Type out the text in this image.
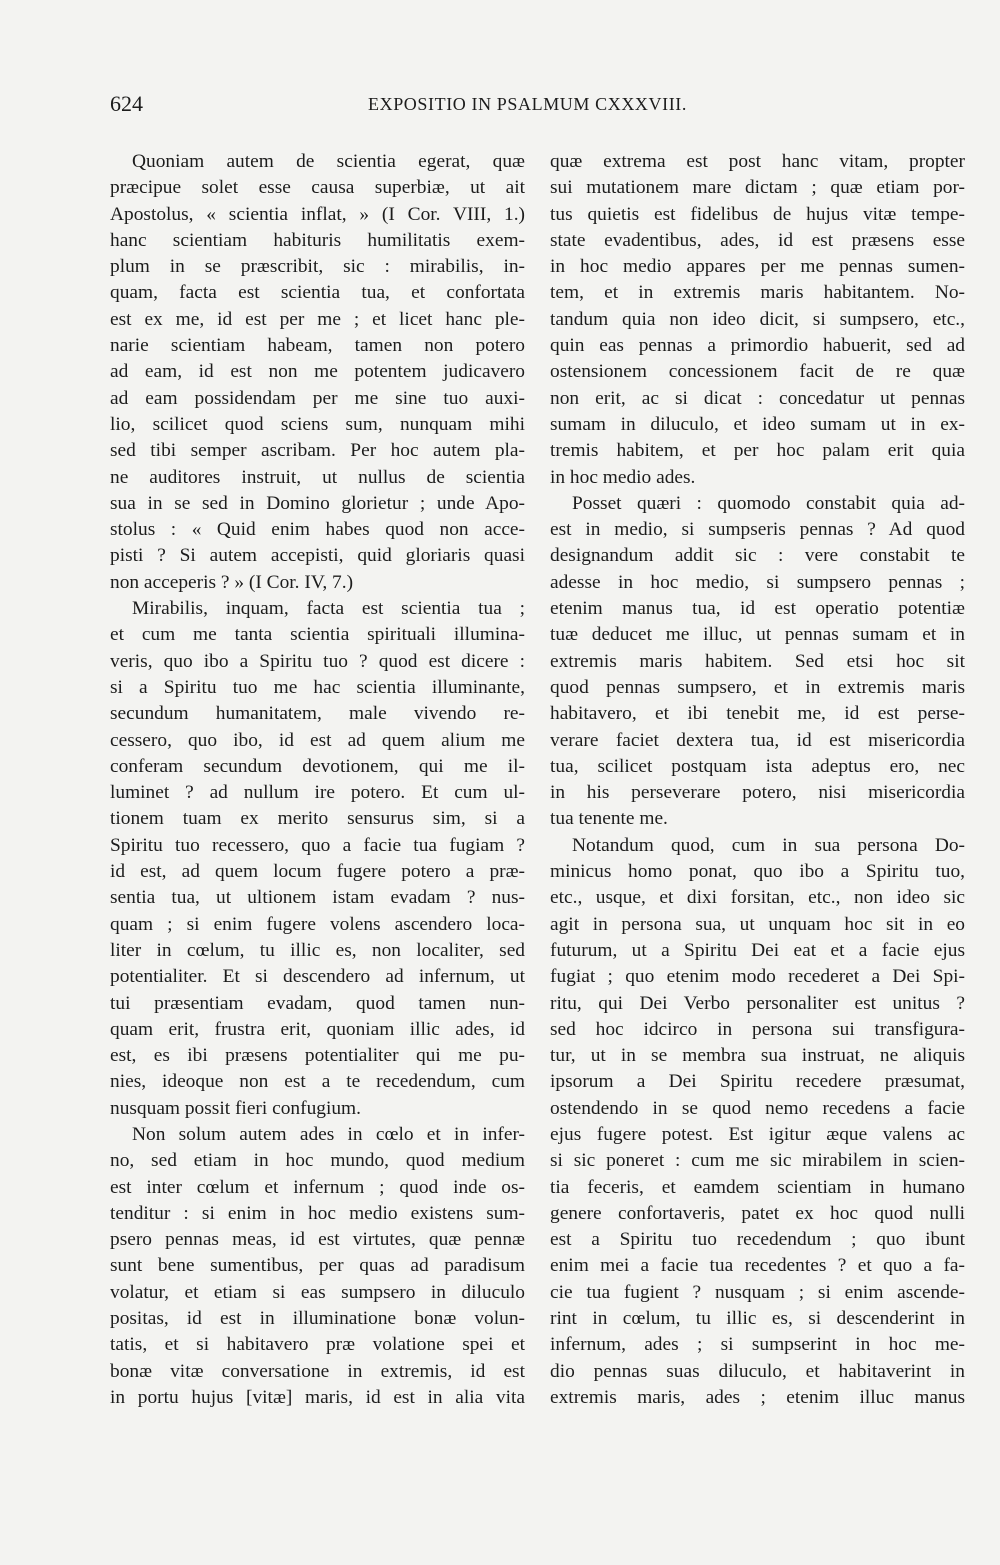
624	EXPOSITIO IN PSALMUM CXXXVIII.
Quoniam autem de scientia egerat, quæ
præcipue solet esse causa superbiæ, ut ait
Apostolus, « scientia inflat, » (I Cor. VIII, 1.)
hanc scientiam habituris humilitatis exem-
plum in se præscribit, sic : mirabilis, in-
quam, facta est scientia tua, et confortata
est ex me, id est per me ; et licet hanc ple-
narie scientiam habeam, tamen non potero
ad eam, id est non me potentem judicavero
ad eam possidendam per me sine tuo auxi-
lio, scilicet quod sciens sum, nunquam mihi
sed tibi semper ascribam. Per hoc autem pla-
ne auditores instruit, ut nullus de scientia
sua in se sed in Domino glorietur ; unde Apo-
stolus : « Quid enim habes quod non acce-
pisti ? Si autem accepisti, quid gloriaris quasi
non acceperis ? » (I Cor. IV, 7.)
Mirabilis, inquam, facta est scientia tua ;
et cum me tanta scientia spirituali illumina-
veris, quo ibo a Spiritu tuo ? quod est dicere :
si a Spiritu tuo me hac scientia illuminante,
secundum humanitatem, male vivendo re-
cessero, quo ibo, id est ad quem alium me
conferam secundum devotionem, qui me il-
luminet ? ad nullum ire potero. Et cum ul-
tionem tuam ex merito sensurus sim, si a
Spiritu tuo recessero, quo a facie tua fugiam ?
id est, ad quem locum fugere potero a præ-
sentia tua, ut ultionem istam evadam ? nus-
quam ; si enim fugere volens ascendero loca-
liter in cœlum, tu illic es, non localiter, sed
potentialiter. Et si descendero ad infernum, ut
tui præsentiam evadam, quod tamen nun-
quam erit, frustra erit, quoniam illic ades, id
est, es ibi præsens potentialiter qui me pu-
nies, ideoque non est a te recedendum, cum
nusquam possit fieri confugium.
Non solum autem ades in cœlo et in infer-
no, sed etiam in hoc mundo, quod medium
est inter cœlum et infernum ; quod inde os-
tenditur : si enim in hoc medio existens sum-
psero pennas meas, id est virtutes, quæ pennæ
sunt bene sumentibus, per quas ad paradisum
volatur, et etiam si eas sumpsero in diluculo
positas, id est in illuminatione bonæ volun-
tatis, et si habitavero præ volatione spei et
bonæ vitæ conversatione in extremis, id est
in portu hujus [vitæ] maris, id est in alia vita
quæ extrema est post hanc vitam, propter
sui mutationem mare dictam ; quæ etiam por-
tus quietis est fidelibus de hujus vitæ tempe-
state evadentibus, ades, id est præsens esse
in hoc medio appares per me pennas sumen-
tem, et in extremis maris habitantem. No-
tandum quia non ideo dicit, si sumpsero, etc.,
quin eas pennas a primordio habuerit, sed ad
ostensionem concessionem facit de re quæ
non erit, ac si dicat : concedatur ut pennas
sumam in diluculo, et ideo sumam ut in ex-
tremis habitem, et per hoc palam erit quia
in hoc medio ades.
Posset quæri : quomodo constabit quia ad-
est in medio, si sumpseris pennas ? Ad quod
designandum addit sic : vere constabit te
adesse in hoc medio, si sumpsero pennas ;
etenim manus tua, id est operatio potentiæ
tuæ deducet me illuc, ut pennas sumam et in
extremis maris habitem. Sed etsi hoc sit
quod pennas sumpsero, et in extremis maris
habitavero, et ibi tenebit me, id est perse-
verare faciet dextera tua, id est misericordia
tua, scilicet postquam ista adeptus ero, nec
in his perseverare potero, nisi misericordia
tua tenente me.
Notandum quod, cum in sua persona Do-
minicus homo ponat, quo ibo a Spiritu tuo,
etc., usque, et dixi forsitan, etc., non ideo sic
agit in persona sua, ut unquam hoc sit in eo
futurum, ut a Spiritu Dei eat et a facie ejus
fugiat ; quo etenim modo recederet a Dei Spi-
ritu, qui Dei Verbo personaliter est unitus ?
sed hoc idcirco in persona sui transfigura-
tur, ut in se membra sua instruat, ne aliquis
ipsorum a Dei Spiritu recedere præsumat,
ostendendo in se quod nemo recedens a facie
ejus fugere potest. Est igitur æque valens ac
si sic poneret : cum me sic mirabilem in scien-
tia feceris, et eamdem scientiam in humano
genere confortaveris, patet ex hoc quod nulli
est a Spiritu tuo recedendum ; quo ibunt
enim mei a facie tua recedentes ? et quo a fa-
cie tua fugient ? nusquam ; si enim ascende-
rint in cœlum, tu illic es, si descenderint in
infernum, ades ; si sumpserint in hoc me-
dio pennas suas diluculo, et habitaverint in
extremis maris, ades ; etenim illuc manus
